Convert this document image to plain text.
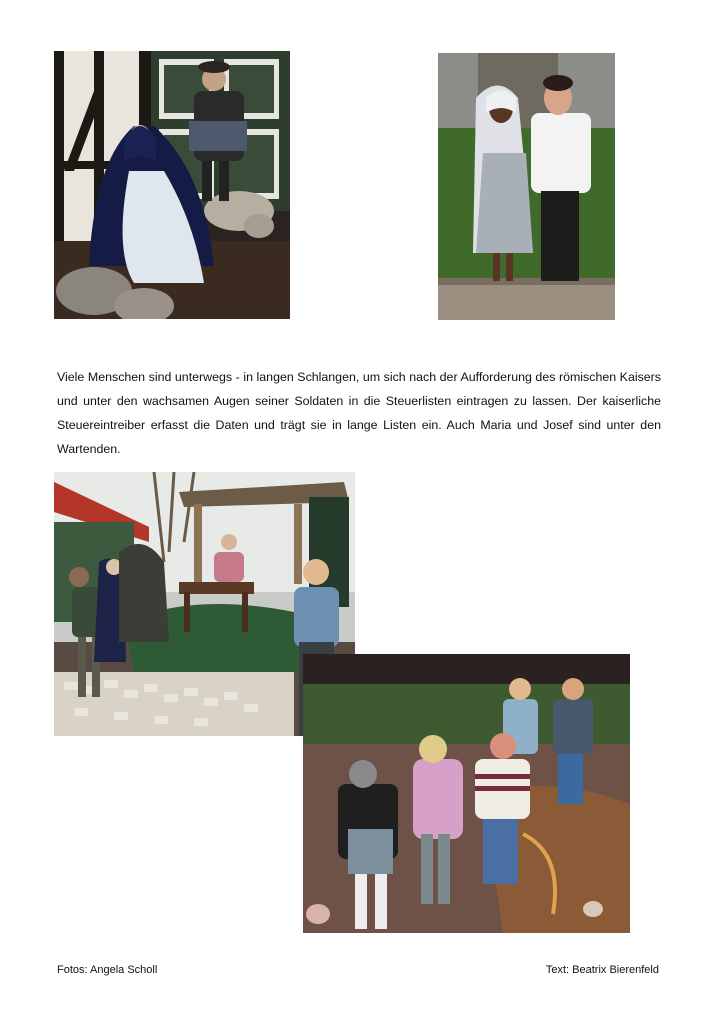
Viele Menschen sind unterwegs - in langen Schlangen, um sich nach der Aufforderung des römischen Kaisers und unter den wachsamen Augen seiner Soldaten in die Steuerlisten eintragen zu lassen. Der kaiserliche Steuereintreiber erfasst die Daten und trägt sie in lange Listen ein. Auch Maria und Josef sind unter den Wartenden.

Fotos: Angela Scholl	Text: Beatrix Bierenfeld
